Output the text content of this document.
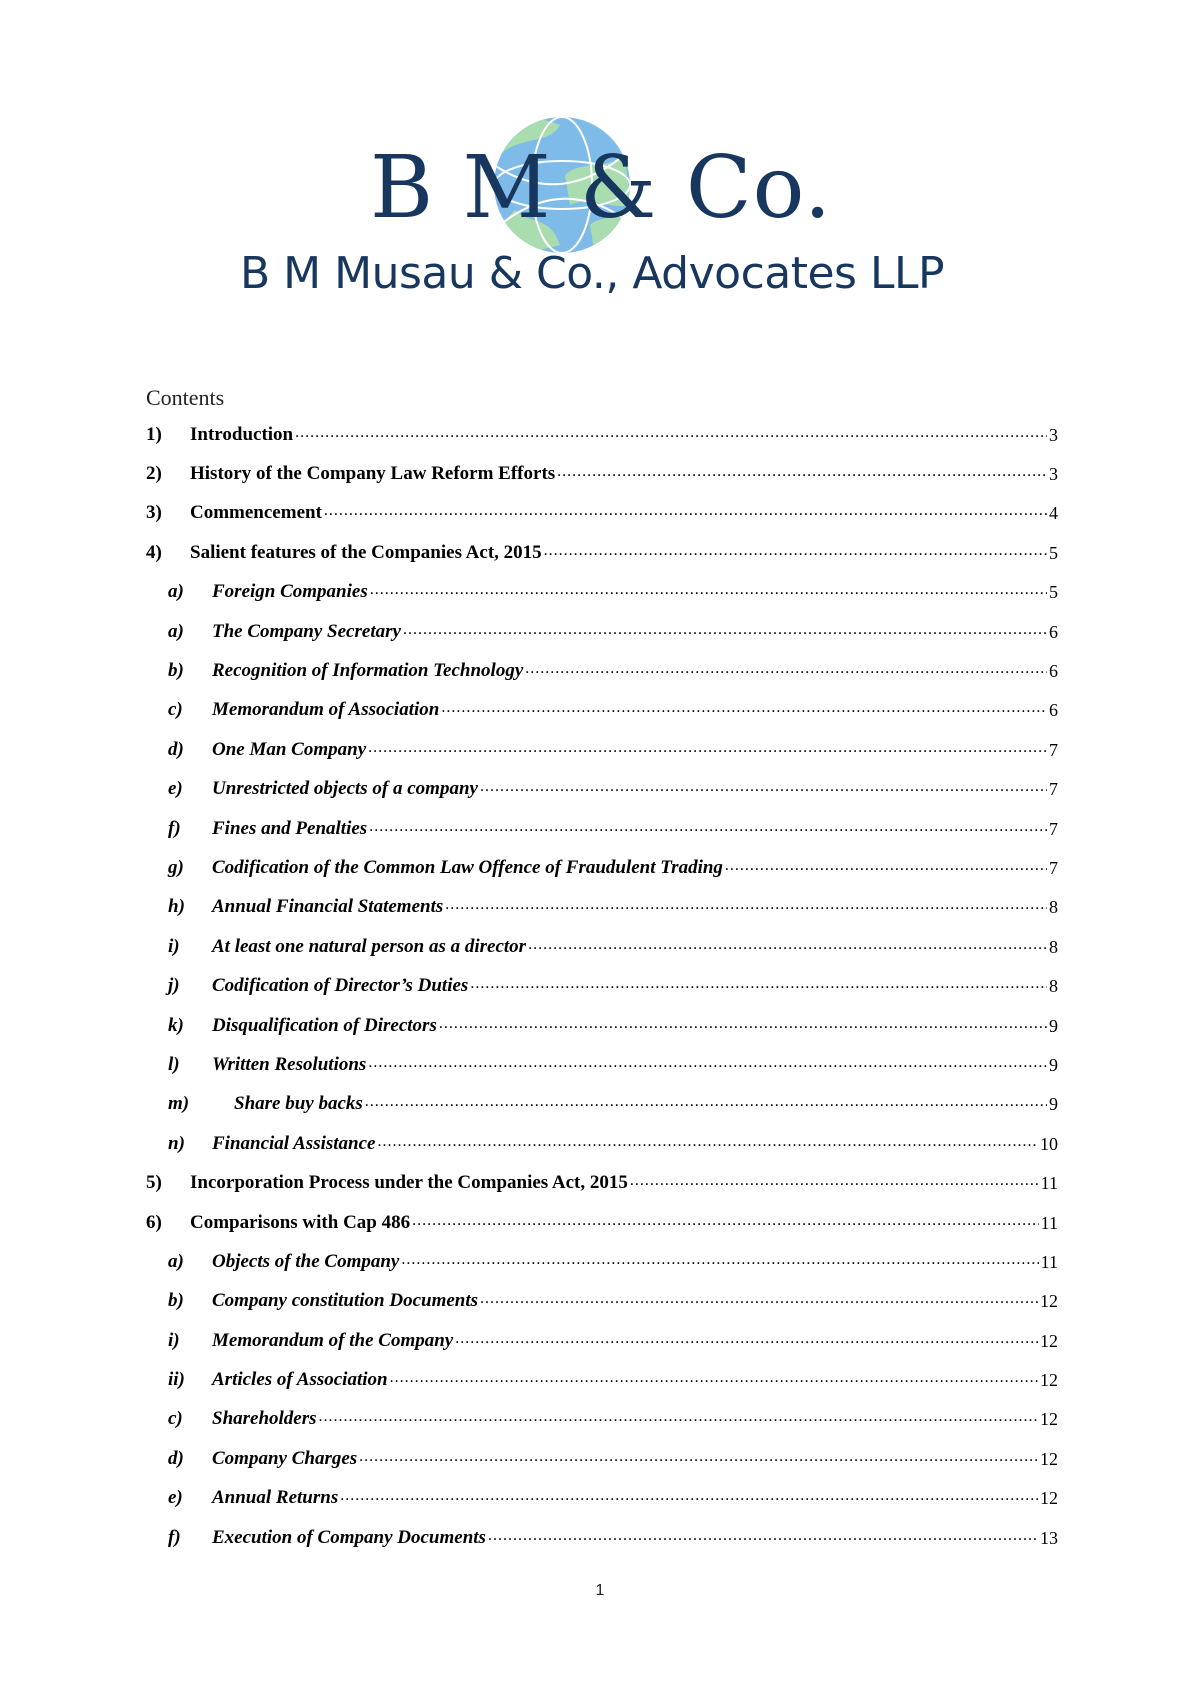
B M & Co.
B M Musau & Co., Advocates LLP
Contents
1)	Introduction .....	3
2)	History of the Company Law Reform Efforts .....	3
3)	Commencement .....	4
4)	Salient features of the Companies Act, 2015 .....	5
a)	Foreign Companies .....	5
a)	The Company Secretary .....	6
b)	Recognition of Information Technology .....	6
c)	Memorandum of Association .....	6
d)	One Man Company .....	7
e)	Unrestricted objects of a company .....	7
f)	Fines and Penalties .....	7
g)	Codification of the Common Law Offence of Fraudulent Trading .....	7
h)	Annual Financial Statements .....	8
i)	At least one natural person as a director .....	8
j)	Codification of Director’s Duties .....	8
k)	Disqualification of Directors .....	9
l)	Written Resolutions .....	9
m)	Share buy backs .....	9
n)	Financial Assistance .....	10
5)	Incorporation Process under the Companies Act, 2015 .....	11
6)	Comparisons with Cap 486 .....	11
a)	Objects of the Company .....	11
b)	Company constitution Documents .....	12
i)	Memorandum of the Company .....	12
ii)	Articles of Association .....	12
c)	Shareholders .....	12
d)	Company Charges .....	12
e)	Annual Returns .....	12
f)	Execution of Company Documents .....	13
1
